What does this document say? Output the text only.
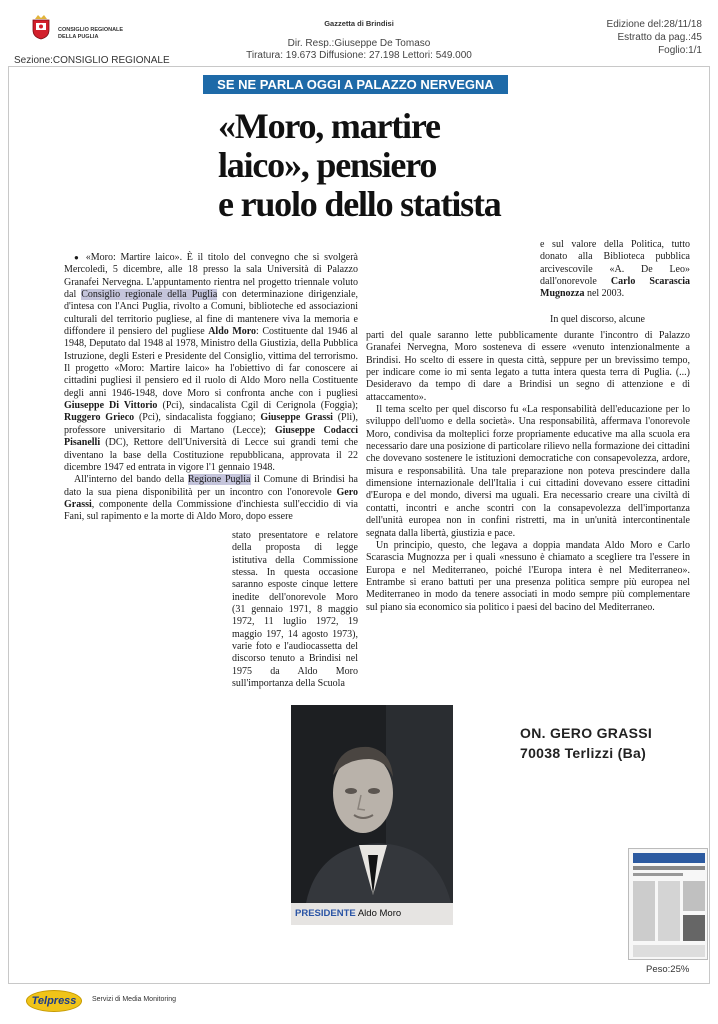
CONSIGLIO REGIONALE
DELLA PUGLIA
Sezione:CONSIGLIO REGIONALE
Gazzetta di Brindisi
Dir. Resp.:Giuseppe De Tomaso
Tiratura: 19.673 Diffusione: 27.198 Lettori: 549.000
Edizione del:28/11/18
Estratto da pag.:45
Foglio:1/1
SE NE PARLA OGGI A PALAZZO NERVEGNA
«Moro, martire
laico», pensiero
e ruolo dello statista

● «Moro: Martire laico». È il titolo del convegno che si svolgerà Mercoledì, 5 dicembre, alle 18 presso la sala Università di Palazzo Granafei Nervegna. L'appuntamento rientra nel progetto triennale voluto dal Consiglio regionale della Puglia con determinazione dirigenziale, d'intesa con l'Anci Puglia, rivolto a Comuni, biblioteche ed associazioni culturali del territorio pugliese, al fine di mantenere viva la memoria e diffondere il pensiero del pugliese Aldo Moro: Costituente dal 1946 al 1948, Deputato dal 1948 al 1978, Ministro della Giustizia, della Pubblica Istruzione, degli Esteri e Presidente del Consiglio, vittima del terrorismo. Il progetto «Moro: Martire laico» ha l'obiettivo di far conoscere ai cittadini pugliesi il pensiero ed il ruolo di Aldo Moro nella Costituente degli anni 1946-1948, dove Moro si confronta anche con i pugliesi Giuseppe Di Vittorio (Pci), sindacalista Cgil di Cerignola (Foggia); Ruggero Grieco (Pci), sindacalista foggiano; Giuseppe Grassi (Pli), professore universitario di Martano (Lecce); Giuseppe Codacci Pisanelli (DC), Rettore dell'Università di Lecce sui grandi temi che diventano la base della Costituzione repubblicana, approvata il 22 dicembre 1947 ed entrata in vigore l'1 gennaio 1948.

All'interno del bando della Regione Puglia il Comune di Brindisi ha dato la sua piena disponibilità per un incontro con l'onorevole Gero Grassi, componente della Commissione d'inchiesta sull'eccidio di via Fani, sul rapimento e la morte di Aldo Moro, dopo essere

stato presentatore e relatore della proposta di legge istitutiva della Commissione stessa. In questa occasione saranno esposte cinque lettere inedite dell'onorevole Moro (31 gennaio 1971, 8 maggio 1972, 11 luglio 1972, 19 maggio 197, 14 agosto 1973), varie foto e l'audiocassetta del discorso tenuto a Brindisi nel 1975 da Aldo Moro sull'importanza della Scuola

e sul valore della Politica, tutto donato alla Biblioteca pubblica arcivescovile «A. De Leo» dall'onorevole Carlo Scarascia Mugnozza nel 2003.

In quel discorso, alcune

parti del quale saranno lette pubblicamente durante l'incontro di Palazzo Granafei Nervegna, Moro sosteneva di essere «venuto intenzionalmente a Brindisi. Ho scelto di essere in questa città, seppure per un brevissimo tempo, per indicare come io mi senta legato a tutta intera questa terra di Puglia. (...) Desideravo da tempo di dare a Brindisi un segno di attenzione e di attaccamento».

Il tema scelto per quel discorso fu «La responsabilità dell'educazione per lo sviluppo dell'uomo e della società». Una responsabilità, affermava l'onorevole Moro, condivisa da molteplici forze propriamente educative ma alla scuola era necessario dare una posizione di particolare rilievo nella formazione dei cittadini che dovevano sostenere le istituzioni democratiche con consapevolezza, ardore, misura e responsabilità. Una tale preparazione non poteva prescindere dalla dimensione internazionale dell'Italia i cui cittadini dovevano essere cittadini d'Europa e del mondo, diversi ma uguali. Era necessario creare una civiltà di contatti, incontri e anche scontri con la consapevolezza dell'importanza dell'unità europea non in confini ristretti, ma in un'unità intercontinentale segnata dalla libertà, giustizia e pace.

Un principio, questo, che legava a doppia mandata Aldo Moro e Carlo Scarascia Mugnozza per i quali «nessuno è chiamato a scegliere tra l'essere in Europa e nel Mediterraneo, poiché l'Europa intera è nel Mediterraneo». Entrambe si erano battuti per una presenza politica sempre più europea nel Mediterraneo in modo da tenere associati in modo sempre più complementare sul piano sia economico sia politico i paesi del bacino del Mediterraneo.

PRESIDENTE Aldo Moro
ON. GERO GRASSI
70038 Terlizzi (Ba)
Peso:25%
Telpress	Servizi di Media Monitoring
